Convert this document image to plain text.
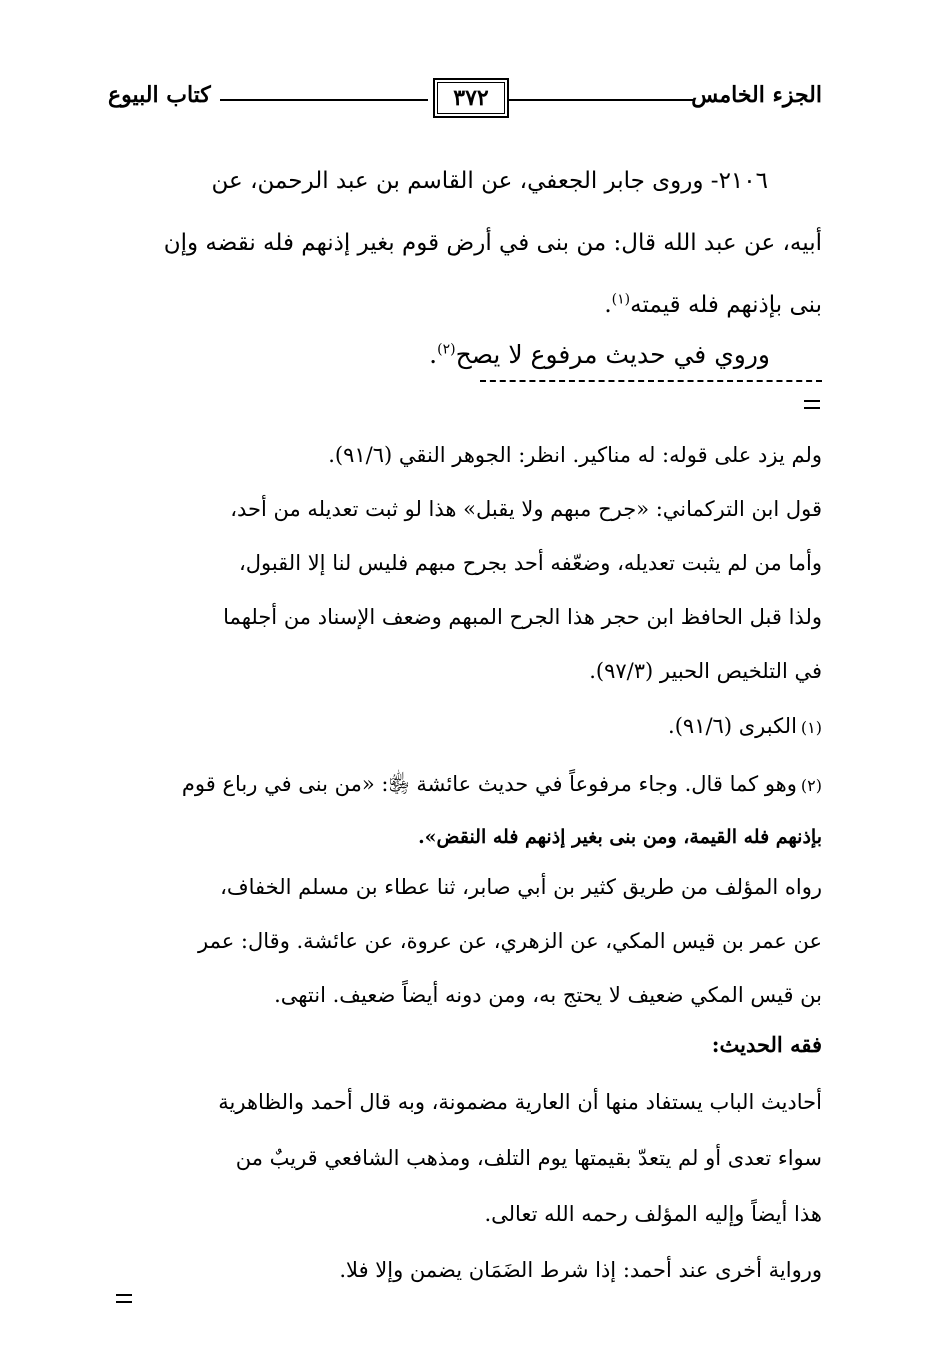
الجزء الخامس
٣٧٢
كتاب البيوع

٢١٠٦- وروى جابر الجعفي، عن القاسم بن عبد الرحمن، عن

أبيه، عن عبد الله قال: من بنى في أرض قوم بغير إذنهم فله نقضه وإن

بنى بإذنهم فله قيمته$^{(١)}$.

وروي في حديث مرفوع لا يصح$^{(٢)}$.

ولم يزد على قوله: له مناكير. انظر: الجوهر النقي (٩١/٦).

قول ابن التركماني: «جرح مبهم ولا يقبل» هذا لو ثبت تعديله من أحد،

وأما من لم يثبت تعديله، وضعّفه أحد بجرح مبهم فليس لنا إلا القبول،

ولذا قبل الحافظ ابن حجر هذا الجرح المبهم وضعف الإسناد من أجلهما

في التلخيص الحبير (٩٧/٣).

(١)الكبرى (٩١/٦).

(٢)وهو كما قال. وجاء مرفوعاً في حديث عائشة ﵂: «من بنى في رباع قوم

بإذنهم فله القيمة، ومن بنى بغير إذنهم فله النقض».

رواه المؤلف من طريق كثير بن أبي صابر، ثنا عطاء بن مسلم الخفاف،

عن عمر بن قيس المكي، عن الزهري، عن عروة، عن عائشة. وقال: عمر

بن قيس المكي ضعيف لا يحتج به، ومن دونه أيضاً ضعيف. انتهى.

فقه الحديث:

أحاديث الباب يستفاد منها أن العارية مضمونة، وبه قال أحمد والظاهرية

سواء تعدى أو لم يتعدّ بقيمتها يوم التلف، ومذهب الشافعي قريبٌ من

هذا أيضاً وإليه المؤلف رحمه الله تعالى.

ورواية أخرى عند أحمد: إذا شرط الضَمَان يضمن وإلا فلا.
